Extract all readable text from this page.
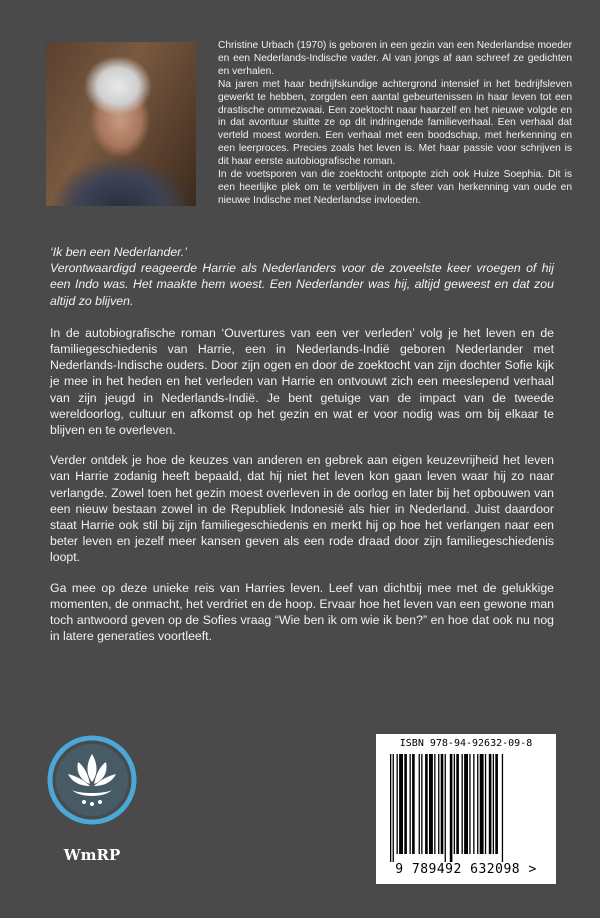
Christine Urbach (1970) is geboren in een gezin van een Nederlandse moeder en een Nederlands-Indische vader. Al van jongs af aan schreef ze gedichten en verhalen.

Na jaren met haar bedrijfskundige achtergrond intensief in het bedrijfsleven gewerkt te hebben, zorgden een aantal gebeurtenissen in haar leven tot een drastische ommezwaai. Een zoektocht naar haarzelf en het nieuwe volgde en in dat avontuur stuitte ze op dit indringende familieverhaal. Een verhaal dat verteld moest worden. Een verhaal met een boodschap, met herkenning en een leerproces. Precies zoals het leven is. Met haar passie voor schrijven is dit haar eerste autobiografische roman.

In de voetsporen van die zoektocht ontpopte zich ook Huize Soephia. Dit is een heerlijke plek om te verblijven in de sfeer van herkenning van oude en nieuwe Indische met Nederlandse invloeden.

‘Ik ben een Nederlander.’

Verontwaardigd reageerde Harrie als Nederlanders voor de zoveelste keer vroegen of hij een Indo was. Het maakte hem woest. Een Nederlander was hij, altijd geweest en dat zou altijd zo blijven.

In de autobiografische roman ‘Ouvertures van een ver verleden’ volg je het leven en de familiegeschiedenis van Harrie, een in Nederlands-Indië geboren Nederlander met Nederlands-Indische ouders. Door zijn ogen en door de zoektocht van zijn dochter Sofie kijk je mee in het heden en het verleden van Harrie en ontvouwt zich een meeslepend verhaal van zijn jeugd in Nederlands-Indië. Je bent getuige van de impact van de tweede wereldoorlog, cultuur en afkomst op het gezin en wat er voor nodig was om bij elkaar te blijven en te overleven.

Verder ontdek je hoe de keuzes van anderen en gebrek aan eigen keuzevrijheid het leven van Harrie zodanig heeft bepaald, dat hij niet het leven kon gaan leven waar hij zo naar verlangde. Zowel toen het gezin moest overleven in de oorlog en later bij het opbouwen van een nieuw bestaan zowel in de Republiek Indonesië als hier in Nederland. Juist daardoor staat Harrie ook stil bij zijn familiegeschiedenis en merkt hij op hoe het verlangen naar een beter leven en jezelf meer kansen geven als een rode draad door zijn familiegeschiedenis loopt.

Ga mee op deze unieke reis van Harries leven. Leef van dichtbij mee met de gelukkige momenten, de onmacht, het verdriet en de hoop. Ervaar hoe het leven van een gewone man toch antwoord geven op de Sofies vraag “Wie ben ik om wie ik ben?” en hoe dat ook nu nog in latere generaties voortleeft.

WmRP
ISBN 978-94-92632-09-8
9 789492 632098 >
